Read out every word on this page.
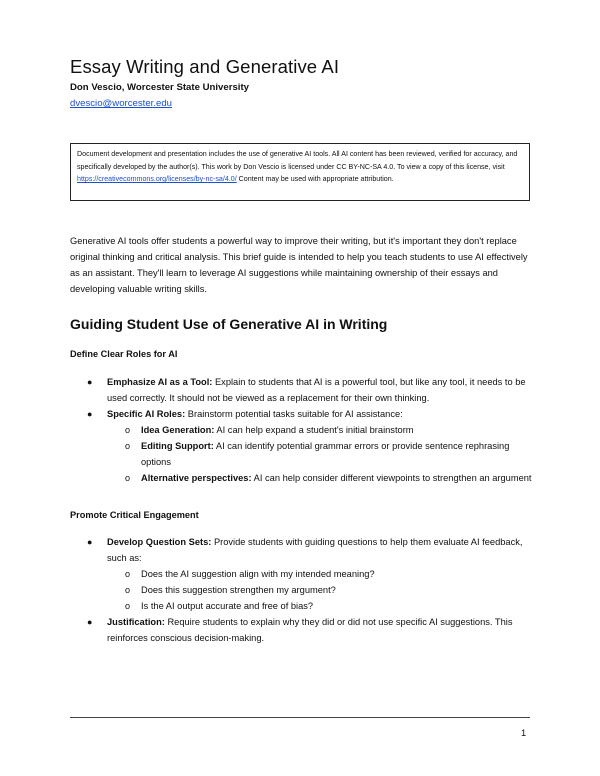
Essay Writing and Generative AI
Don Vescio, Worcester State University
dvescio@worcester.edu
Document development and presentation includes the use of generative AI tools. All AI content has been reviewed, verified for accuracy, and specifically developed by the author(s). This work by Don Vescio is licensed under CC BY-NC-SA 4.0. To view a copy of this license, visit https://creativecommons.org/licenses/by-nc-sa/4.0/ Content may be used with appropriate attribution.

Generative AI tools offer students a powerful way to improve their writing, but it's important they don't replace original thinking and critical analysis. This brief guide is intended to help you teach students to use AI effectively as an assistant. They'll learn to leverage AI suggestions while maintaining ownership of their essays and developing valuable writing skills.

Guiding Student Use of Generative AI in Writing
Define Clear Roles for AI
● Emphasize AI as a Tool: Explain to students that AI is a powerful tool, but like any tool, it needs to be used correctly. It should not be viewed as a replacement for their own thinking.
● Specific AI Roles: Brainstorm potential tasks suitable for AI assistance:
o Idea Generation: AI can help expand a student's initial brainstorm
o Editing Support: AI can identify potential grammar errors or provide sentence rephrasing options
o Alternative perspectives: AI can help consider different viewpoints to strengthen an argument
Promote Critical Engagement
● Develop Question Sets: Provide students with guiding questions to help them evaluate AI feedback, such as:
o Does the AI suggestion align with my intended meaning?
o Does this suggestion strengthen my argument?
o Is the AI output accurate and free of bias?
● Justification: Require students to explain why they did or did not use specific AI suggestions. This reinforces conscious decision-making.
1
